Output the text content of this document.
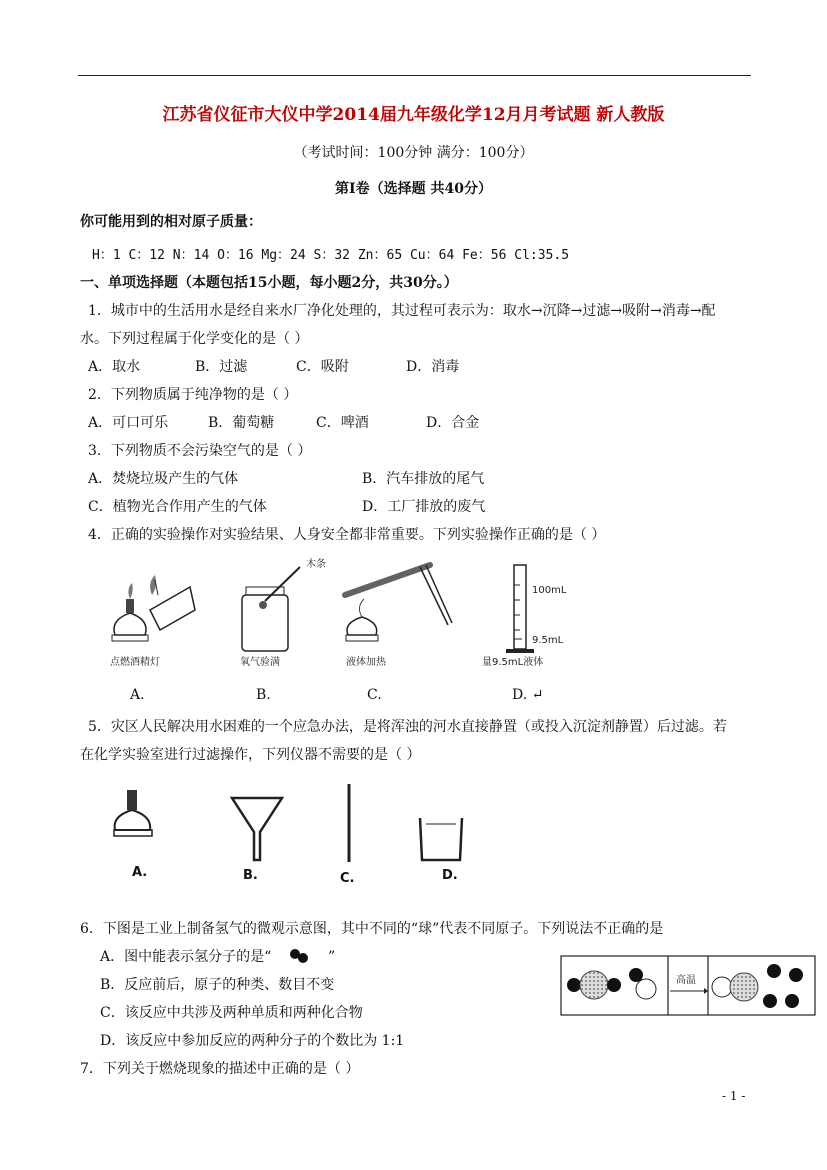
江苏省仪征市大仪中学2014届九年级化学12月月考试题 新人教版
（考试时间：100分钟 满分：100分）
第Ⅰ卷（选择题 共40分）
你可能用到的相对原子质量：
H：1 C：12 N：14 O：16 Mg：24 S：32 Zn：65 Cu：64 Fe：56 Cl:35.5
一、单项选择题（本题包括15小题，每小题2分，共30分。）
1．城市中的生活用水是经自来水厂净化处理的，其过程可表示为：取水→沉降→过滤→吸附→消毒→配
水。下列过程属于化学变化的是（ ）
A．取水	B．过滤	C．吸附	D．消毒
2．下列物质属于纯净物的是（ ）
A．可口可乐	B．葡萄糖	C．啤酒	D．合金
3．下列物质不会污染空气的是（ ）
A．焚烧垃圾产生的气体	B．汽车排放的尾气
C．植物光合作用产生的气体	D．工厂排放的废气
4．正确的实验操作对实验结果、人身安全都非常重要。下列实验操作正确的是（ ）
点燃酒精灯
木条
氧气验满	液体加热
100mL
9.5mL
量9.5mL液体
A.	B.	C.	D. ↵
5．灾区人民解决用水困难的一个应急办法，是将浑浊的河水直接静置（或投入沉淀剂静置）后过滤。若
在化学实验室进行过滤操作，下列仪器不需要的是（ ）
A.	B.	C.	D.
6．下图是工业上制备氢气的微观示意图，其中不同的“球”代表不同原子。下列说法不正确的是
A．图中能表示氢分子的是“	”
B．反应前后，原子的种类、数目不变
C．该反应中共涉及两种单质和两种化合物
D．该反应中参加反应的两种分子的个数比为 1:1
高温
7．下列关于燃烧现象的描述中正确的是（ ）
- 1 -
